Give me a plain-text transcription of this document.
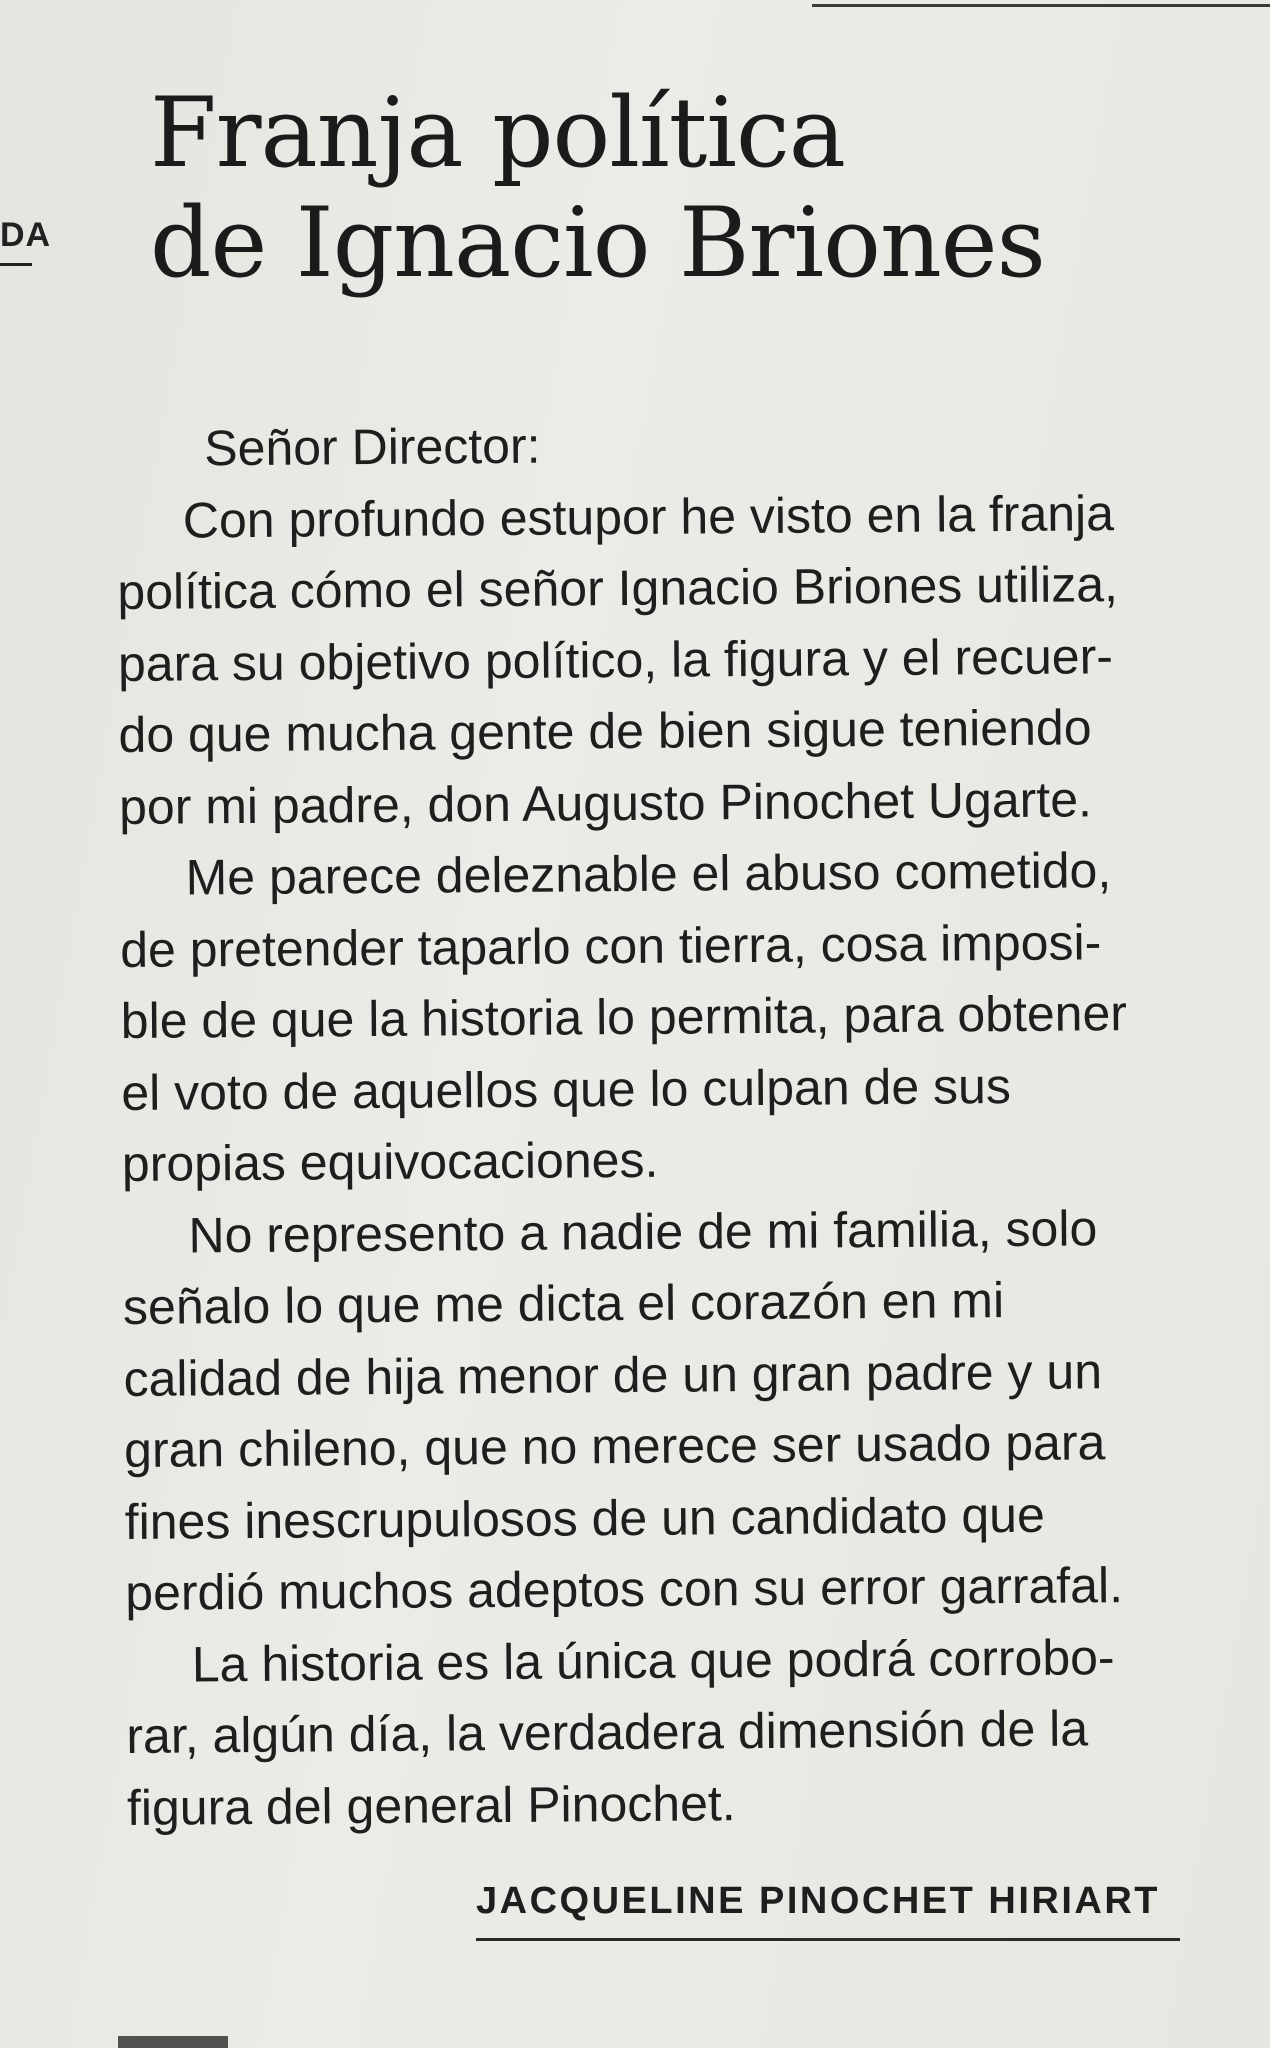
DA
Franja política
de Ignacio Briones
Señor Director:
Con profundo estupor he visto en la franja
política cómo el señor Ignacio Briones utiliza,
para su objetivo político, la figura y el recuer-
do que mucha gente de bien sigue teniendo
por mi padre, don Augusto Pinochet Ugarte.
Me parece deleznable el abuso cometido,
de pretender taparlo con tierra, cosa imposi-
ble de que la historia lo permita, para obtener
el voto de aquellos que lo culpan de sus
propias equivocaciones.
No represento a nadie de mi familia, solo
señalo lo que me dicta el corazón en mi
calidad de hija menor de un gran padre y un
gran chileno, que no merece ser usado para
fines inescrupulosos de un candidato que
perdió muchos adeptos con su error garrafal.
La historia es la única que podrá corrobo-
rar, algún día, la verdadera dimensión de la
figura del general Pinochet.
JACQUELINE PINOCHET HIRIART
